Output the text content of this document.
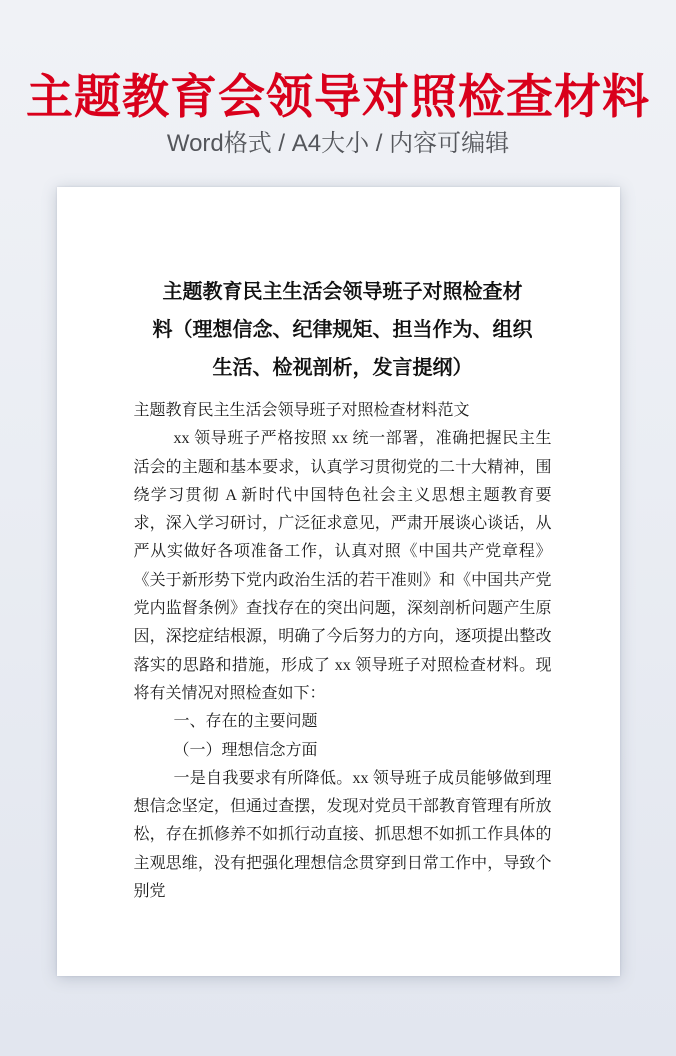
主题教育会领导对照检查材料
Word格式 / A4大小 / 内容可编辑
主题教育民主生活会领导班子对照检查材
料（理想信念、纪律规矩、担当作为、组织
生活、检视剖析，发言提纲）

主题教育民主生活会领导班子对照检查材料范文

xx 领导班子严格按照 xx 统一部署，准确把握民主生活会的主题和基本要求，认真学习贯彻党的二十大精神，围绕学习贯彻 A 新时代中国特色社会主义思想主题教育要求，深入学习研讨，广泛征求意见，严肃开展谈心谈话，从严从实做好各项准备工作，认真对照《中国共产党章程》《关于新形势下党内政治生活的若干准则》和《中国共产党党内监督条例》查找存在的突出问题，深刻剖析问题产生原因，深挖症结根源，明确了今后努力的方向，逐项提出整改落实的思路和措施，形成了 xx 领导班子对照检查材料。现将有关情况对照检查如下：

一、存在的主要问题

（一）理想信念方面

一是自我要求有所降低。xx 领导班子成员能够做到理想信念坚定，但通过查摆，发现对党员干部教育管理有所放松，存在抓修养不如抓行动直接、抓思想不如抓工作具体的主观思维，没有把强化理想信念贯穿到日常工作中，导致个别党
